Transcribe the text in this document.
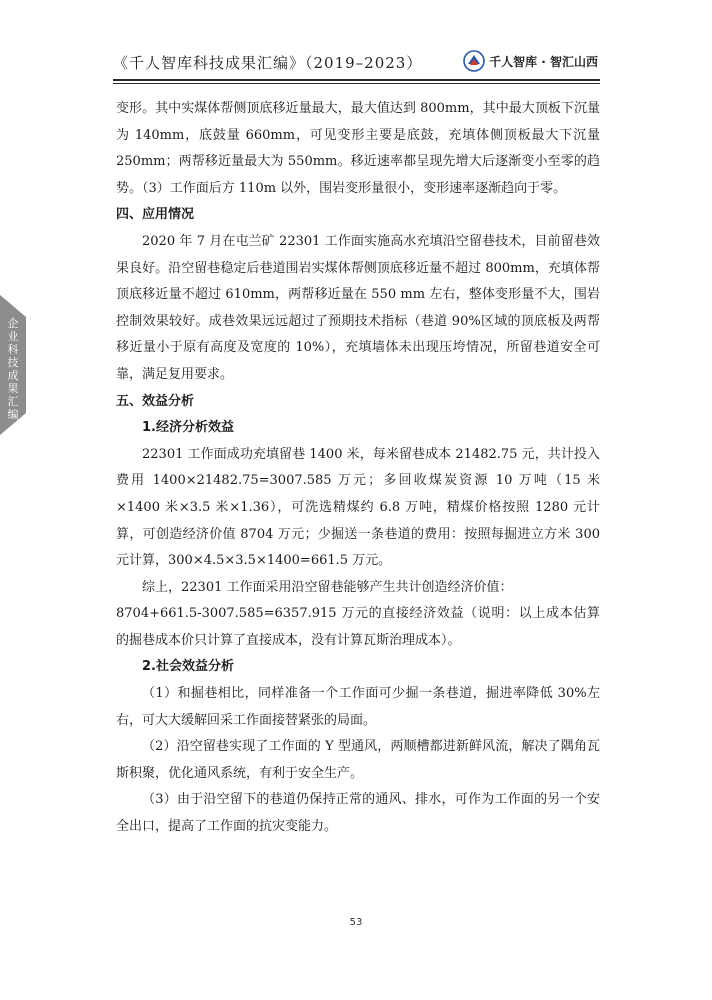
《千人智库科技成果汇编》（2019–2023）	千人智库 · 智汇山西
企业科技成果汇编

变形。其中实煤体帮侧顶底移近量最大，最大值达到 800mm，其中最大顶板下沉量为 140mm，底鼓量 660mm，可见变形主要是底鼓，充填体侧顶板最大下沉量 250mm；两帮移近量最大为 550mm。移近速率都呈现先增大后逐渐变小至零的趋势。（3）工作面后方 110m 以外，围岩变形量很小，变形速率逐渐趋向于零。

四、应用情况

2020 年 7 月在屯兰矿 22301 工作面实施高水充填沿空留巷技术，目前留巷效果良好。沿空留巷稳定后巷道围岩实煤体帮侧顶底移近量不超过 800mm，充填体帮顶底移近量不超过 610mm，两帮移近量在 550 mm 左右，整体变形量不大，围岩控制效果较好。成巷效果远远超过了预期技术指标（巷道 90%区域的顶底板及两帮移近量小于原有高度及宽度的 10%），充填墙体未出现压垮情况，所留巷道安全可靠，满足复用要求。

五、效益分析

1.经济分析效益

22301 工作面成功充填留巷 1400 米，每米留巷成本 21482.75 元，共计投入费用 1400×21482.75=3007.585 万元；多回收煤炭资源 10 万吨（15 米×1400 米×3.5 米×1.36），可洗选精煤约 6.8 万吨，精煤价格按照 1280 元计算，可创造经济价值 8704 万元；少掘送一条巷道的费用：按照每掘进立方米 300 元计算，300×4.5×3.5×1400=661.5 万元。

综上，22301 工作面采用沿空留巷能够产生共计创造经济价值：

8704+661.5-3007.585=6357.915 万元的直接经济效益（说明：以上成本估算的掘巷成本价只计算了直接成本，没有计算瓦斯治理成本）。

2.社会效益分析

（1）和掘巷相比，同样准备一个工作面可少掘一条巷道，掘进率降低 30%左右，可大大缓解回采工作面接替紧张的局面。

（2）沿空留巷实现了工作面的 Y 型通风，两顺槽都进新鲜风流，解决了隅角瓦斯积聚，优化通风系统，有利于安全生产。

（3）由于沿空留下的巷道仍保持正常的通风、排水，可作为工作面的另一个安全出口，提高了工作面的抗灾变能力。

53
